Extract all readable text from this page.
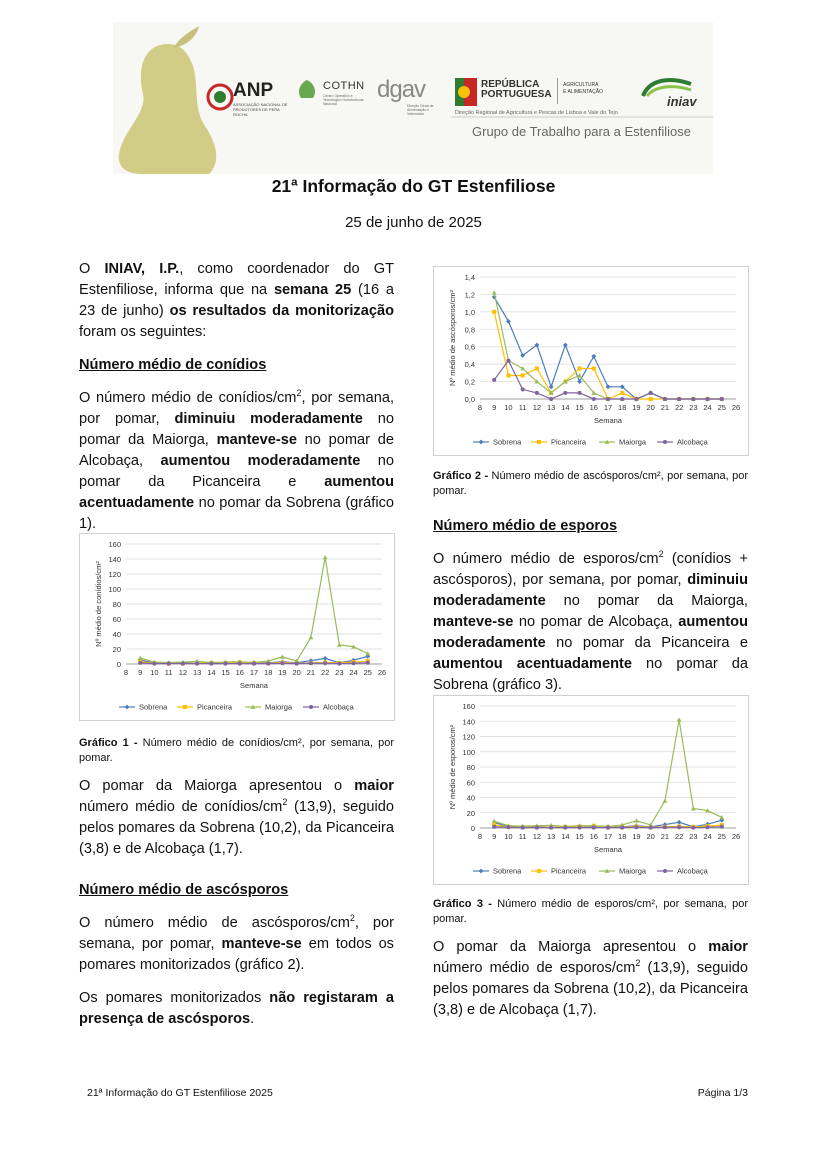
ANP
ASSOCIAÇÃO NACIONAL DE PRODUTORES DE PERA ROCHA
COTHN
Centro Operativo e Tecnológico Hortofrutícola Nacional
dgav
Direção Geral de Alimentação e Veterinária
REPÚBLICA
PORTUGUESA
AGRICULTURA
E ALIMENTAÇÃO
Direção Regional de Agricultura e Pescas de Lisboa e Vale do Tejo
iniav
Grupo de Trabalho para a Estenfiliose
21ª Informação do GT Estenfiliose
25 de junho de 2025

O INIAV, I.P., como coordenador do GT Estenfiliose, informa que na semana 25 (16 a 23 de junho) os resultados da monitorização foram os seguintes:

Número médio de conídios

O número médio de conídios/$cm^2$, por semana, por pomar, diminuiu moderadamente no pomar da Maiorga, manteve-se no pomar de Alcobaça, aumentou moderadamente no pomar da Picanceira e aumentou acentuadamente no pomar da Sobrena (gráfico 1).

0
20
40
60
80
100
120
140
160
8 9 10 11 12 13 14 15 16 17 18 19 20 21 22 23 24 25 26
Semana
Nº médio de conídios/cm²
Sobrena	Picanceira	Maiorga	Alcobaça
Gráfico 1 - Número médio de conídios/cm², por semana, por pomar.

O pomar da Maiorga apresentou o maior número médio de conídios/$cm^2$ (13,9), seguido pelos pomares da Sobrena (10,2), da Picanceira (3,8) e de Alcobaça (1,7).

Número médio de ascósporos

O número médio de ascósporos/$cm^2$, por semana, por pomar, manteve-se em todos os pomares monitorizados (gráfico 2).

Os pomares monitorizados não registaram a presença de ascósporos.

0,0
0,2
0,4
0,6
0,8
1,0
1,2
1,4
8 9 10 11 12 13 14 15 16 17 18 19 20 21 22 23 24 25 26
Semana
Nº médio de ascósporos/cm²
Sobrena	Picanceira	Maiorga	Alcobaça
Gráfico 2 - Número médio de ascósporos/cm², por semana, por pomar.
Número médio de esporos

O número médio de esporos/$cm^2$ (conídios + ascósporos), por semana, por pomar, diminuiu moderadamente no pomar da Maiorga, manteve-se no pomar de Alcobaça, aumentou moderadamente no pomar da Picanceira e aumentou acentuadamente no pomar da Sobrena (gráfico 3).

0
20
40
60
80
100
120
140
160
8 9 10 11 12 13 14 15 16 17 18 19 20 21 22 23 24 25 26
Semana
Nº médio de esporos/cm²
Sobrena	Picanceira	Maiorga	Alcobaça
Gráfico 3 - Número médio de esporos/cm², por semana, por pomar.

O pomar da Maiorga apresentou o maior número médio de esporos/$cm^2$ (13,9), seguido pelos pomares da Sobrena (10,2), da Picanceira (3,8) e de Alcobaça (1,7).

21ª Informação do GT Estenfiliose 2025	Página 1/3
